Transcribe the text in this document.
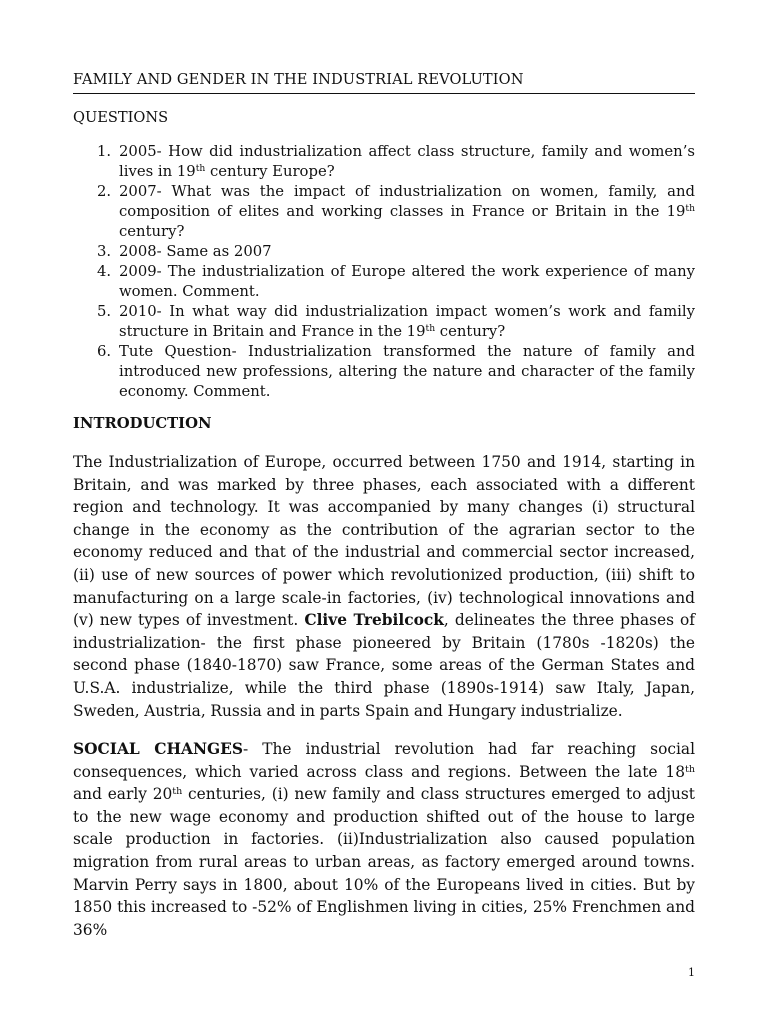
FAMILY AND GENDER IN THE INDUSTRIAL REVOLUTION
QUESTIONS
1. 2005- How did industrialization affect class structure, family and women’s lives in 19th century Europe?
2. 2007- What was the impact of industrialization on women, family, and composition of elites and working classes in France or Britain in the 19th century?
3. 2008- Same as 2007
4. 2009- The industrialization of Europe altered the work experience of many women. Comment.
5. 2010- In what way did industrialization impact women’s work and family structure in Britain and France in the 19th century?
6. Tute Question- Industrialization transformed the nature of family and introduced new professions, altering the nature and character of the family economy. Comment.
INTRODUCTION

The Industrialization of Europe, occurred between 1750 and 1914, starting in Britain, and was marked by three phases, each associated with a different region and technology. It was accompanied by many changes (i) structural change in the economy as the contribution of the agrarian sector to the economy reduced and that of the industrial and commercial sector increased, (ii) use of new sources of power which revolutionized production, (iii) shift to manufacturing on a large scale-in factories, (iv) technological innovations and (v) new types of investment. Clive Trebilcock, delineates the three phases of industrialization- the first phase pioneered by Britain (1780s -1820s) the second phase (1840-1870) saw France, some areas of the German States and U.S.A. industrialize, while the third phase (1890s-1914) saw Italy, Japan, Sweden, Austria, Russia and in parts Spain and Hungary industrialize.

SOCIAL CHANGES- The industrial revolution had far reaching social consequences, which varied across class and regions. Between the late 18th and early 20th centuries, (i) new family and class structures emerged to adjust to the new wage economy and production shifted out of the house to large scale production in factories. (ii)Industrialization also caused population migration from rural areas to urban areas, as factory emerged around towns. Marvin Perry says in 1800, about 10% of the Europeans lived in cities. But by 1850 this increased to -52% of Englishmen living in cities, 25% Frenchmen and 36%

1
